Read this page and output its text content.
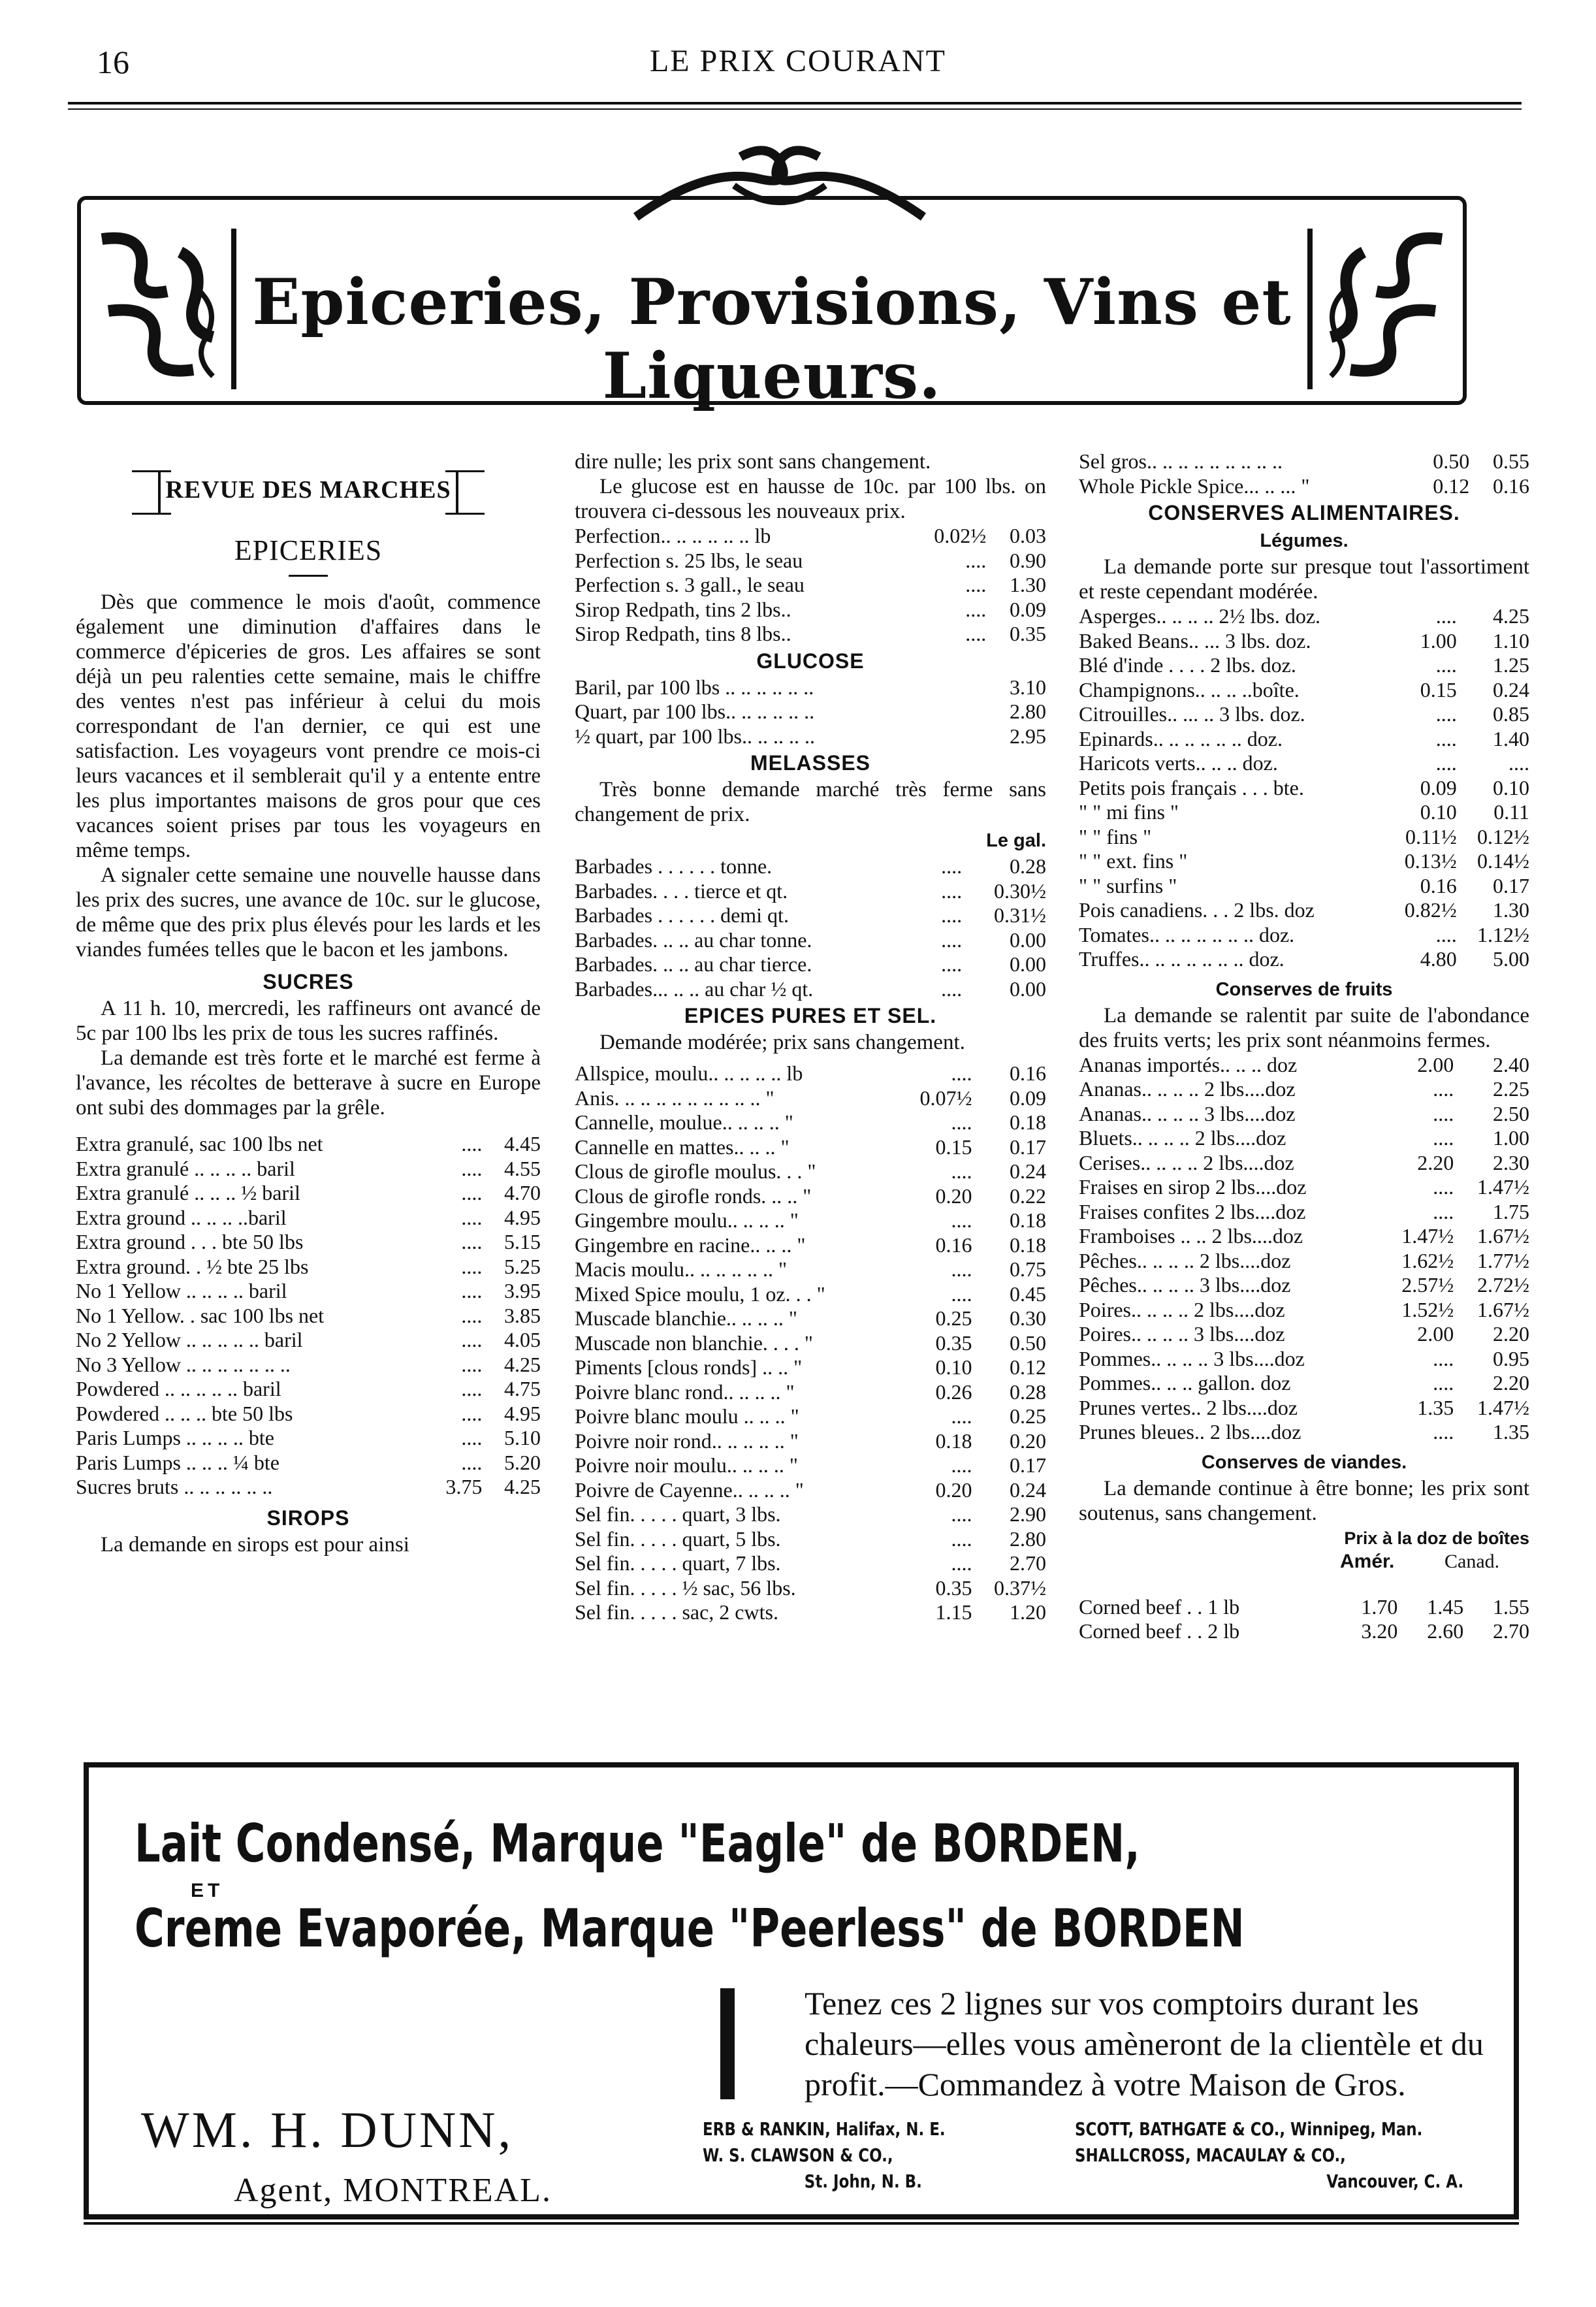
LE PRIX COURANT
16
Epiceries, Provisions, Vins et Liqueurs.
REVUE DES MARCHES
EPICERIES

Dès que commence le mois d'août, commence également une diminution d'affaires dans le commerce d'épiceries de gros. Les affaires se sont déjà un peu ralenties cette semaine, mais le chiffre des ventes n'est pas inférieur à celui du mois correspondant de l'an dernier, ce qui est une satisfaction. Les voyageurs vont prendre ce mois-ci leurs vacances et il semblerait qu'il y a entente entre les plus importantes maisons de gros pour que ces vacances soient prises par tous les voyageurs en même temps.

A signaler cette semaine une nouvelle hausse dans les prix des sucres, une avance de 10c. sur le glucose, de même que des prix plus élevés pour les lards et les viandes fumées telles que le bacon et les jambons.

SUCRES

A 11 h. 10, mercredi, les raffineurs ont avancé de 5c par 100 lbs les prix de tous les sucres raffinés.

La demande est très forte et le marché est ferme à l'avance, les récoltes de betterave à sucre en Europe ont subi des dommages par la grêle.

Extra granulé, sac 100 lbs net	....	4.45
Extra granulé .. .. .. .. baril	....	4.55
Extra granulé .. .. .. ½ baril	....	4.70
Extra ground .. .. .. ..baril	....	4.95
Extra ground . . . bte 50 lbs	....	5.15
Extra ground. . ½ bte 25 lbs	....	5.25
No 1 Yellow .. .. .. .. baril	....	3.95
No 1 Yellow. . sac 100 lbs net	....	3.85
No 2 Yellow .. .. .. .. .. baril	....	4.05
No 3 Yellow .. .. .. .. .. .. ..	....	4.25
Powdered .. .. .. .. .. baril	....	4.75
Powdered .. .. .. bte 50 lbs	....	4.95
Paris Lumps .. .. .. .. bte	....	5.10
Paris Lumps .. .. .. ¼ bte	....	5.20
Sucres bruts .. .. .. .. .. ..	3.75	4.25
SIROPS

La demande en sirops est pour ainsi

dire nulle; les prix sont sans changement.

Le glucose est en hausse de 10c. par 100 lbs. on trouvera ci-dessous les nouveaux prix.

Perfection.. .. .. .. .. .. lb	0.02½	0.03
Perfection s. 25 lbs, le seau	....	0.90
Perfection s. 3 gall., le seau	....	1.30
Sirop Redpath, tins 2 lbs..	....	0.09
Sirop Redpath, tins 8 lbs..	....	0.35
GLUCOSE
Baril, par 100 lbs .. .. .. .. .. ..		3.10
Quart, par 100 lbs.. .. .. .. .. ..		2.80
½ quart, par 100 lbs.. .. .. .. ..		2.95
MELASSES

Très bonne demande marché très ferme sans changement de prix.

Le gal.
Barbades . . . . . . tonne.	....	0.28
Barbades. . . . tierce et qt.	....	0.30½
Barbades . . . . . . demi qt.	....	0.31½
Barbades. .. .. au char tonne.	....	0.00
Barbades. .. .. au char tierce.	....	0.00
Barbades... .. .. au char ½ qt.	....	0.00
EPICES PURES ET SEL.

Demande modérée; prix sans changement.

Allspice, moulu.. .. .. .. .. lb	....	0.16
Anis. .. .. .. .. .. .. .. .. .. "	0.07½	0.09
Cannelle, moulue.. .. .. .. "	....	0.18
Cannelle en mattes.. .. .. "	0.15	0.17
Clous de girofle moulus. . . "	....	0.24
Clous de girofle ronds. .. .. "	0.20	0.22
Gingembre moulu.. .. .. .. "	....	0.18
Gingembre en racine.. .. .. "	0.16	0.18
Macis moulu.. .. .. .. .. .. "	....	0.75
Mixed Spice moulu, 1 oz. . . "	....	0.45
Muscade blanchie.. .. .. .. "	0.25	0.30
Muscade non blanchie. . . . "	0.35	0.50
Piments [clous ronds] .. .. "	0.10	0.12
Poivre blanc rond.. .. .. .. "	0.26	0.28
Poivre blanc moulu .. .. .. "	....	0.25
Poivre noir rond.. .. .. .. .. "	0.18	0.20
Poivre noir moulu.. .. .. .. "	....	0.17
Poivre de Cayenne.. .. .. .. "	0.20	0.24
Sel fin. . . . . quart, 3 lbs.	....	2.90
Sel fin. . . . . quart, 5 lbs.	....	2.80
Sel fin. . . . . quart, 7 lbs.	....	2.70
Sel fin. . . . . ½ sac, 56 lbs.	0.35	0.37½
Sel fin. . . . . sac, 2 cwts.	1.15	1.20
Sel gros.. .. .. .. .. .. .. .. ..	0.50	0.55
Whole Pickle Spice... .. ... "	0.12	0.16
CONSERVES ALIMENTAIRES.
Légumes.

La demande porte sur presque tout l'assortiment et reste cependant modérée.

Asperges.. .. .. .. 2½ lbs. doz.	....	4.25
Baked Beans.. ... 3 lbs. doz.	1.00	1.10
Blé d'inde . . . . 2 lbs. doz.	....	1.25
Champignons.. .. .. ..boîte.	0.15	0.24
Citrouilles.. ... .. 3 lbs. doz.	....	0.85
Epinards.. .. .. .. .. .. doz.	....	1.40
Haricots verts.. .. .. doz.	....	....
Petits pois français . . . bte.	0.09	0.10
" " mi fins "	0.10	0.11
" " fins "	0.11½	0.12½
" " ext. fins "	0.13½	0.14½
" " surfins "	0.16	0.17
Pois canadiens. . . 2 lbs. doz	0.82½	1.30
Tomates.. .. .. .. .. .. .. doz.	....	1.12½
Truffes.. .. .. .. .. .. .. doz.	4.80	5.00
Conserves de fruits

La demande se ralentit par suite de l'abondance des fruits verts; les prix sont néanmoins fermes.

Ananas importés.. .. .. doz	2.00	2.40
Ananas.. .. .. .. 2 lbs....doz	....	2.25
Ananas.. .. .. .. 3 lbs....doz	....	2.50
Bluets.. .. .. .. 2 lbs....doz	....	1.00
Cerises.. .. .. .. 2 lbs....doz	2.20	2.30
Fraises en sirop 2 lbs....doz	....	1.47½
Fraises confites 2 lbs....doz	....	1.75
Framboises .. .. 2 lbs....doz	1.47½	1.67½
Pêches.. .. .. .. 2 lbs....doz	1.62½	1.77½
Pêches.. .. .. .. 3 lbs....doz	2.57½	2.72½
Poires.. .. .. .. 2 lbs....doz	1.52½	1.67½
Poires.. .. .. .. 3 lbs....doz	2.00	2.20
Pommes.. .. .. .. 3 lbs....doz	....	0.95
Pommes.. .. .. gallon. doz	....	2.20
Prunes vertes.. 2 lbs....doz	1.35	1.47½
Prunes bleues.. 2 lbs....doz	....	1.35
Conserves de viandes.

La demande continue à être bonne; les prix sont soutenus, sans changement.

Prix à la doz de boîtes
Amér.	Canad.
Corned beef . . 1 lb	1.70	1.45	1.55
Corned beef . . 2 lb	3.20	2.60	2.70
Lait Condensé, Marque "Eagle" de BORDEN,
ET
Creme Evaporée, Marque "Peerless" de BORDEN
Tenez ces 2 lignes sur vos comptoirs durant les chaleurs—elles vous amèneront de la clientèle et du profit.—Commandez à votre Maison de Gros.
WM. H. DUNN,
Agent, MONTREAL.
ERB & RANKIN, Halifax, N. E.
W. S. CLAWSON & CO.,
St. John, N. B.
SCOTT, BATHGATE & CO., Winnipeg, Man.
SHALLCROSS, MACAULAY & CO.,
Vancouver, C. A.
